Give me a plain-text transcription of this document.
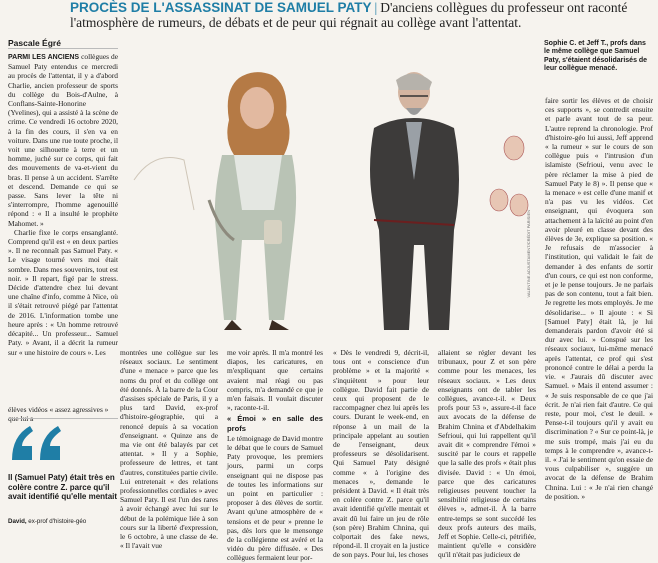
PROCÈS DE L'ASSASSINAT DE SAMUEL PATY | D'anciens collègues du professeur ont raconté l'atmosphère de rumeurs, de débats et de peur qui régnait au collège avant l'attentat.
Pascale Égré

PARMI LES ANCIENS collègues de Samuel Paty entendus ce mercredi au procès de l'attentat, il y a d'abord Charlie, ancien professeur de sports du collège du Bois-d'Aulne, à Conflans-Sainte-Honorine (Yvelines), qui a assisté à la scène de crime. Ce vendredi 16 octobre 2020, à la fin des cours, il s'en va en voiture. Dans une rue toute proche, il voit une silhouette à terre et un homme, juché sur ce corps, qui fait des mouvements de va-et-vient du bras. Il pense à un accident. S'arrête et descend. Demande ce qui se passe. Sans lever la tête ni s'interrompre, l'homme agenouillé répond : « Il a insulté le prophète Mahomet. »

Charlie fixe le corps ensanglanté. Comprend qu'il est « en deux parties ». Il ne reconnaît pas Samuel Paty. « Le visage tourné vers moi était sombre. Dans mes souvenirs, tout est noir. » Il repart, figé par le stress. Décide d'attendre chez lui devant une chaîne d'info, comme à Nice, où il s'était retrouvé piégé par l'attentat de 2016. L'information tombe une heure après : « Un homme retrouvé décapité... Un professeur... Samuel Paty. » Avant, il a décrit la rumeur sur « une histoire de cours ». Les

élèves vidéos « assez agressives » que lui a
VALENTINE ADJUSTAMENT/CRÉDIT PARISIEN
Sophie C. et Jeff T., profs dans le même collège que Samuel Paty, s'étaient désolidarisés de leur collègue menacé.

faire sortir les élèves et de choisir ces supports », se contredit ensuite et parle avant tout de sa peur. L'autre reprend la chronologie. Prof d'histoire-géo lui aussi, Jeff apprend « la rumeur » sur le cours de son collègue puis « l'intrusion d'un islamiste (Sefrioui, venu avec le père réclamer la mise à pied de Samuel Paty le 8) ». Il pense que « la menace » est celle d'une manif et n'a pas vu les vidéos. Cet enseignant, qui évoquera son attachement à la laïcité au point d'en avoir pleuré en classe devant des élèves de 3e, explique sa position. « Je refusais de m'associer à l'institution, qui validait le fait de demander à des enfants de sortir d'un cours, ce qui est non conforme, et je le pense toujours. Je ne parlais pas de son contenu, tout a fait bien. Je regrette les mots employés. Je me désolidarise... » Il ajoute : « Si [Samuel Paty] était là, je lui demanderais pardon d'avoir été si dur avec lui. » Conspué sur les réseaux sociaux, lui-même menacé après l'attentat, ce prof qui s'est prononcé contre le délai a perdu la vie. « J'aurais dû discuter avec Samuel. » Mais il entend assumer : « Je suis responsable de ce que j'ai écrit. Je n'ai rien fait d'autre. Ce qui reste, pour moi, c'est le deuil. » Pense-t-il toujours qu'il y avait eu discrimination ? « Sur ce point-là, je me suis trompé, mais j'ai eu du temps à le comprendre », avance-t-il. « J'ai le sentiment qu'on essaie de vous culpabiliser », suggère un avocat de la défense de Brahim Chnina. Lui : « Je n'ai rien changé de position. »

montrées une collègue sur les réseaux sociaux. Le sentiment d'une « menace » parce que les noms du prof et du collège ont été donnés. À la barre de la Cour d'assises spéciale de Paris, il y a plus tard David, ex-prof d'histoire-géographie, qui a renoncé depuis à sa vocation d'enseignant. « Quinze ans de ma vie ont été balayés par cet attentat. » Il y a Sophie, professeure de lettres, et tant d'autres, constituées partie civile. Lui entretenait « des relations professionnelles cordiales » avec Samuel Paty. Il est l'un des rares à avoir échangé avec lui sur le début de la polémique liée à son cours sur la liberté d'expression, le 6 octobre, à une classe de 4e. « Il l'avait vue

me voir après. Il m'a montré les diapos, les caricatures, en m'expliquant que certains avaient mal réagi ou pas compris, m'a demandé ce que je m'en faisais. Il voulait discuter », raconte-t-il.

« Émoi » en salle des profs

Le témoignage de David montre le débat que le cours de Samuel Paty provoque, les premiers jours, parmi un corps enseignant qui ne dispose pas de toutes les informations sur un point en particulier : proposer à des élèves de sortir. Avant qu'une atmosphère de « tensions et de peur » prenne le pas, dès lors que le mensonge de la collégienne est avéré et la vidéo du père diffusée. « Des collègues fermaient leur por-

« Dès le vendredi 9, décrit-il, tous ont « conscience d'un problème » et la majorité « s'inquiètent » pour leur collègue. David fait partie de ceux qui proposent de le raccompagner chez lui après les cours. Durant le week-end, en réponse à un mail de la principale appelant au soutien de l'enseignant, deux professeurs se désolidarisent. Qui Samuel Paty désigné comme « à l'origine des menaces », demande le président à David. « Il était très en colère contre Z. parce qu'il avait identifié qu'elle mentait et avait dû lui faire un jeu de rôle (son père) Brahim Chnina, qui colportait des fake news, répond-il. Il croyait en la justice de son pays. Pour lui, les choses

allaient se régler devant les tribunaux, pour Z et son père comme pour les menaces, les réseaux sociaux. » Les deux enseignants ont de tabler les collègues, avance-t-il. « Deux profs pour 53 », assure-t-il face aux avocats de la défense de Brahim Chnina et d'Abdelhakim Sefrioui, qui lui rappellent qu'il avait dit « comprendre l'émoi » suscité par le cours et rappelle que la salle des profs « était plus divisée. David : « Un émoi, parce que des caricatures religieuses peuvent toucher la sensibilité religieuse de certains élèves », admet-il. À la barre entre-temps se sont succédé les deux profs auteurs des mails, Jeff et Sophie. Celle-ci, pétrifiée, maintient qu'elle « considère qu'il n'était pas judicieux de

Il (Samuel Paty) était très en colère contre Z. parce qu'il avait identifié qu'elle mentait
David, ex-prof d'histoire-géo
